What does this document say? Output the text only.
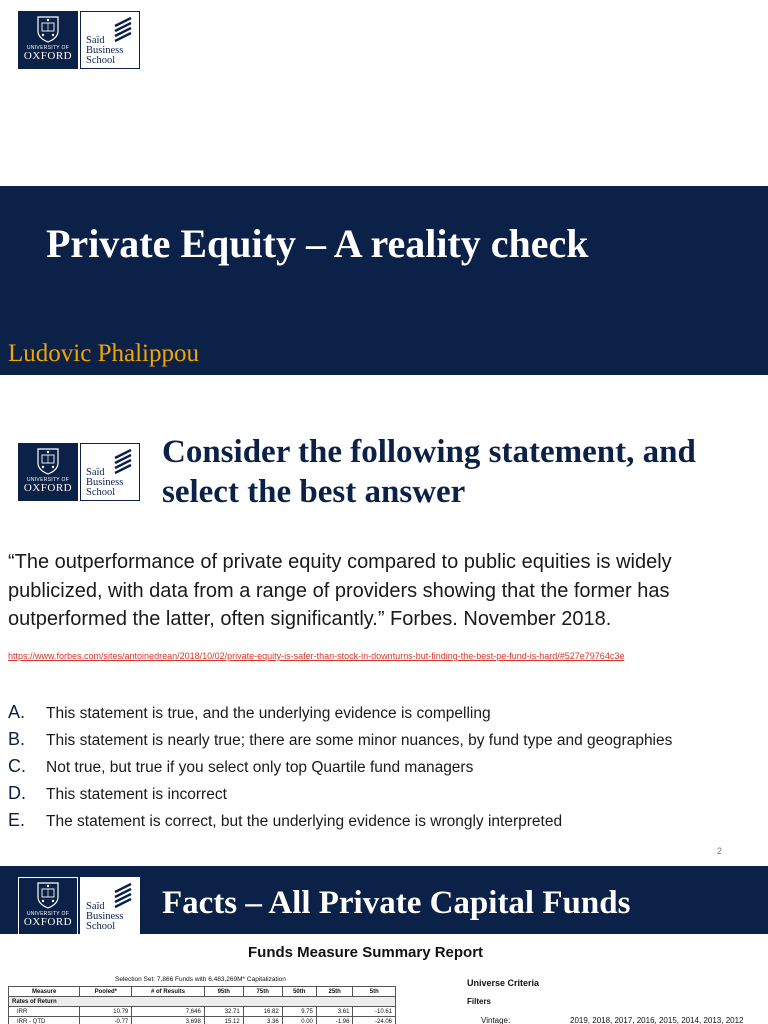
UNIVERSITY OF
OXFORD
Saïd
Business
School
Private Equity – A reality check
Ludovic Phalippou
UNIVERSITY OF
OXFORD
Saïd
Business
School
Consider the following statement, and select the best answer

“The outperformance of private equity compared to public equities is widely publicized, with data from a range of providers showing that the former has outperformed the latter, often significantly.” Forbes. November 2018.

https://www.forbes.com/sites/antoinedrean/2018/10/02/private-equity-is-safer-than-stock-in-downturns-but-finding-the-best-pe-fund-is-hard/#527e79764c3e
A.	This statement is true, and the underlying evidence is compelling
B.	This statement is nearly true; there are some minor nuances, by fund type and geographies
C.	Not true, but true if you select only top Quartile fund managers
D.	This statement is incorrect
E.	The statement is correct, but the underlying evidence is wrongly interpreted
2
UNIVERSITY OF
OXFORD
Saïd
Business
School
Facts – All Private Capital Funds
Funds Measure Summary Report
Selection Set: 7,866 Funds with 6,483,269M* Capitalization
Measure	Pooled*	# of Results	95th	75th	50th	25th	5th
Rates of Return							
IRR	10.79	7,646	32.71	16.82	9.75	3.61	-10.61
IRR - QTD	-0.77	3,698	15.12	3.36	0.00	-1.96	-24.06
Universe Criteria
Filters
Vintage:	2019, 2018, 2017, 2016, 2015, 2014, 2013, 2012
